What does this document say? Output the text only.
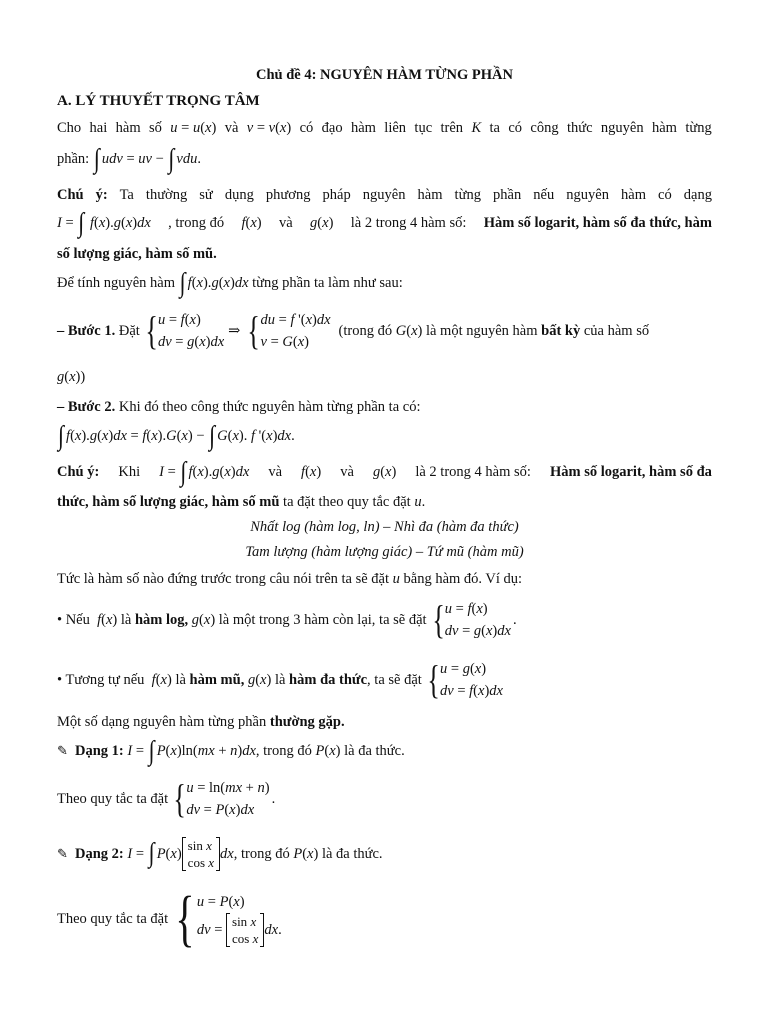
Chủ đề 4: NGUYÊN HÀM TỪNG PHẦN
A. LÝ THUYẾT TRỌNG TÂM
Cho hai hàm số u = u(x) và v = v(x) có đạo hàm liên tục trên K ta có công thức nguyên hàm từng
phần: ∫ udv = uv − ∫ vdu.
Chú ý: Ta thường sử dụng phương pháp nguyên hàm từng phần nếu nguyên hàm có dạng
I = ∫ f(x).g(x)dx , trong đó f(x) và g(x) là 2 trong 4 hàm số: Hàm số logarit, hàm số đa thức, hàm
số lượng giác, hàm số mũ.
Để tính nguyên hàm ∫ f(x).g(x)dx từng phần ta làm như sau:
– Bước 1.
Đặt { u = f(x)
dv = g(x)dx
⇒ { du = f '(x)dx
v = G(x)
(trong đó
G(x)
là một nguyên hàm
bất kỳ
của hàm số
g(x))
– Bước 2. Khi đó theo công thức nguyên hàm từng phần ta có:
∫ f(x).g(x)dx = f(x).G(x) − ∫ G(x). f '(x)dx.
Chú ý: Khi I = ∫ f(x).g(x)dx và f(x) và g(x) là 2 trong 4 hàm số: Hàm số logarit, hàm số đa
thức, hàm số lượng giác, hàm số mũ ta đặt theo quy tắc đặt u.
Nhất log (hàm log, ln) – Nhì đa (hàm đa thức)
Tam lượng (hàm lượng giác) – Tứ mũ (hàm mũ)
Tức là hàm số nào đứng trước trong câu nói trên ta sẽ đặt u bằng hàm đó. Ví dụ:
• Nếu
f(x)
là
hàm log,
g(x)
là một trong 3 hàm còn lại, ta sẽ đặt { u = f(x)
dv = g(x)dx
.
• Tương tự nếu
f(x)
là
hàm mũ,
g(x)
là
hàm đa thức , ta sẽ đặt { u = g(x)
dv = f(x)dx
Một số dạng nguyên hàm từng phần thường gặp.
✎ Dạng 1: I = ∫ P(x)ln(mx + n)dx, trong đó P(x) là đa thức.
Theo quy tắc ta đặt { u = ln(mx + n)
dv = P(x)dx
.
✎ Dạng 2:
I = ∫ P(x)
sin x
cos x
dx , trong đó
P(x)
là đa thức.
Theo quy tắc ta đặt { u = P(x)
dv =
sin x
cos x
dx .
